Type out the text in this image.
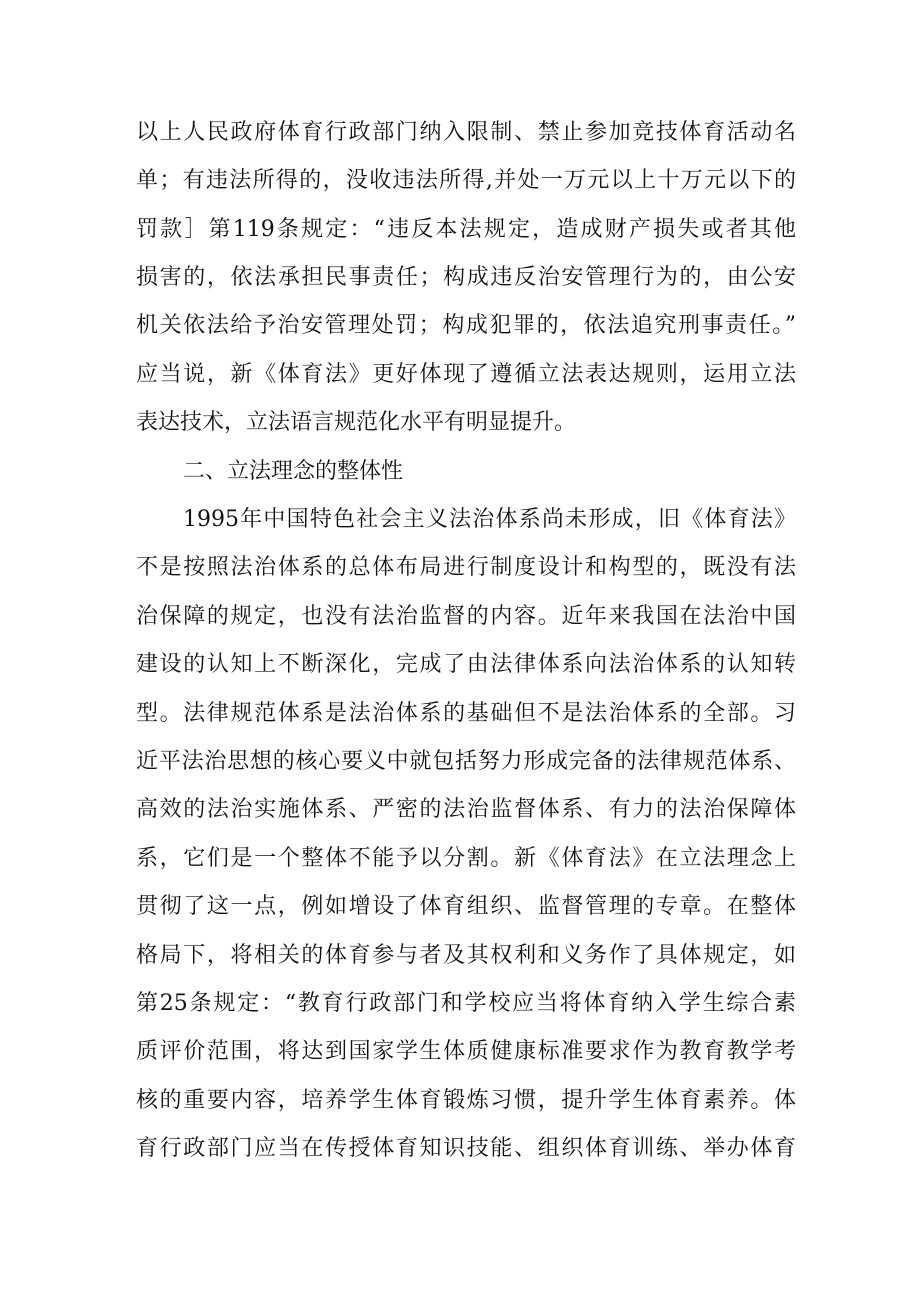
以上人民政府体育行政部门纳入限制、禁止参加竞技体育活动名
单；有违法所得的，没收违法所得,并处一万元以上十万元以下的
罚款］第119条规定：“违反本法规定，造成财产损失或者其他
损害的，依法承担民事责任；构成违反治安管理行为的，由公安
机关依法给予治安管理处罚；构成犯罪的，依法追究刑事责任。”
应当说，新《体育法》更好体现了遵循立法表达规则，运用立法
表达技术，立法语言规范化水平有明显提升。
二、立法理念的整体性
1995年中国特色社会主义法治体系尚未形成，旧《体育法》
不是按照法治体系的总体布局进行制度设计和构型的，既没有法
治保障的规定，也没有法治监督的内容。近年来我国在法治中国
建设的认知上不断深化，完成了由法律体系向法治体系的认知转
型。法律规范体系是法治体系的基础但不是法治体系的全部。习
近平法治思想的核心要义中就包括努力形成完备的法律规范体系、
高效的法治实施体系、严密的法治监督体系、有力的法治保障体
系，它们是一个整体不能予以分割。新《体育法》在立法理念上
贯彻了这一点，例如增设了体育组织、监督管理的专章。在整体
格局下，将相关的体育参与者及其权利和义务作了具体规定，如
第25条规定：“教育行政部门和学校应当将体育纳入学生综合素
质评价范围，将达到国家学生体质健康标准要求作为教育教学考
核的重要内容，培养学生体育锻炼习惯，提升学生体育素养。体
育行政部门应当在传授体育知识技能、组织体育训练、举办体育
